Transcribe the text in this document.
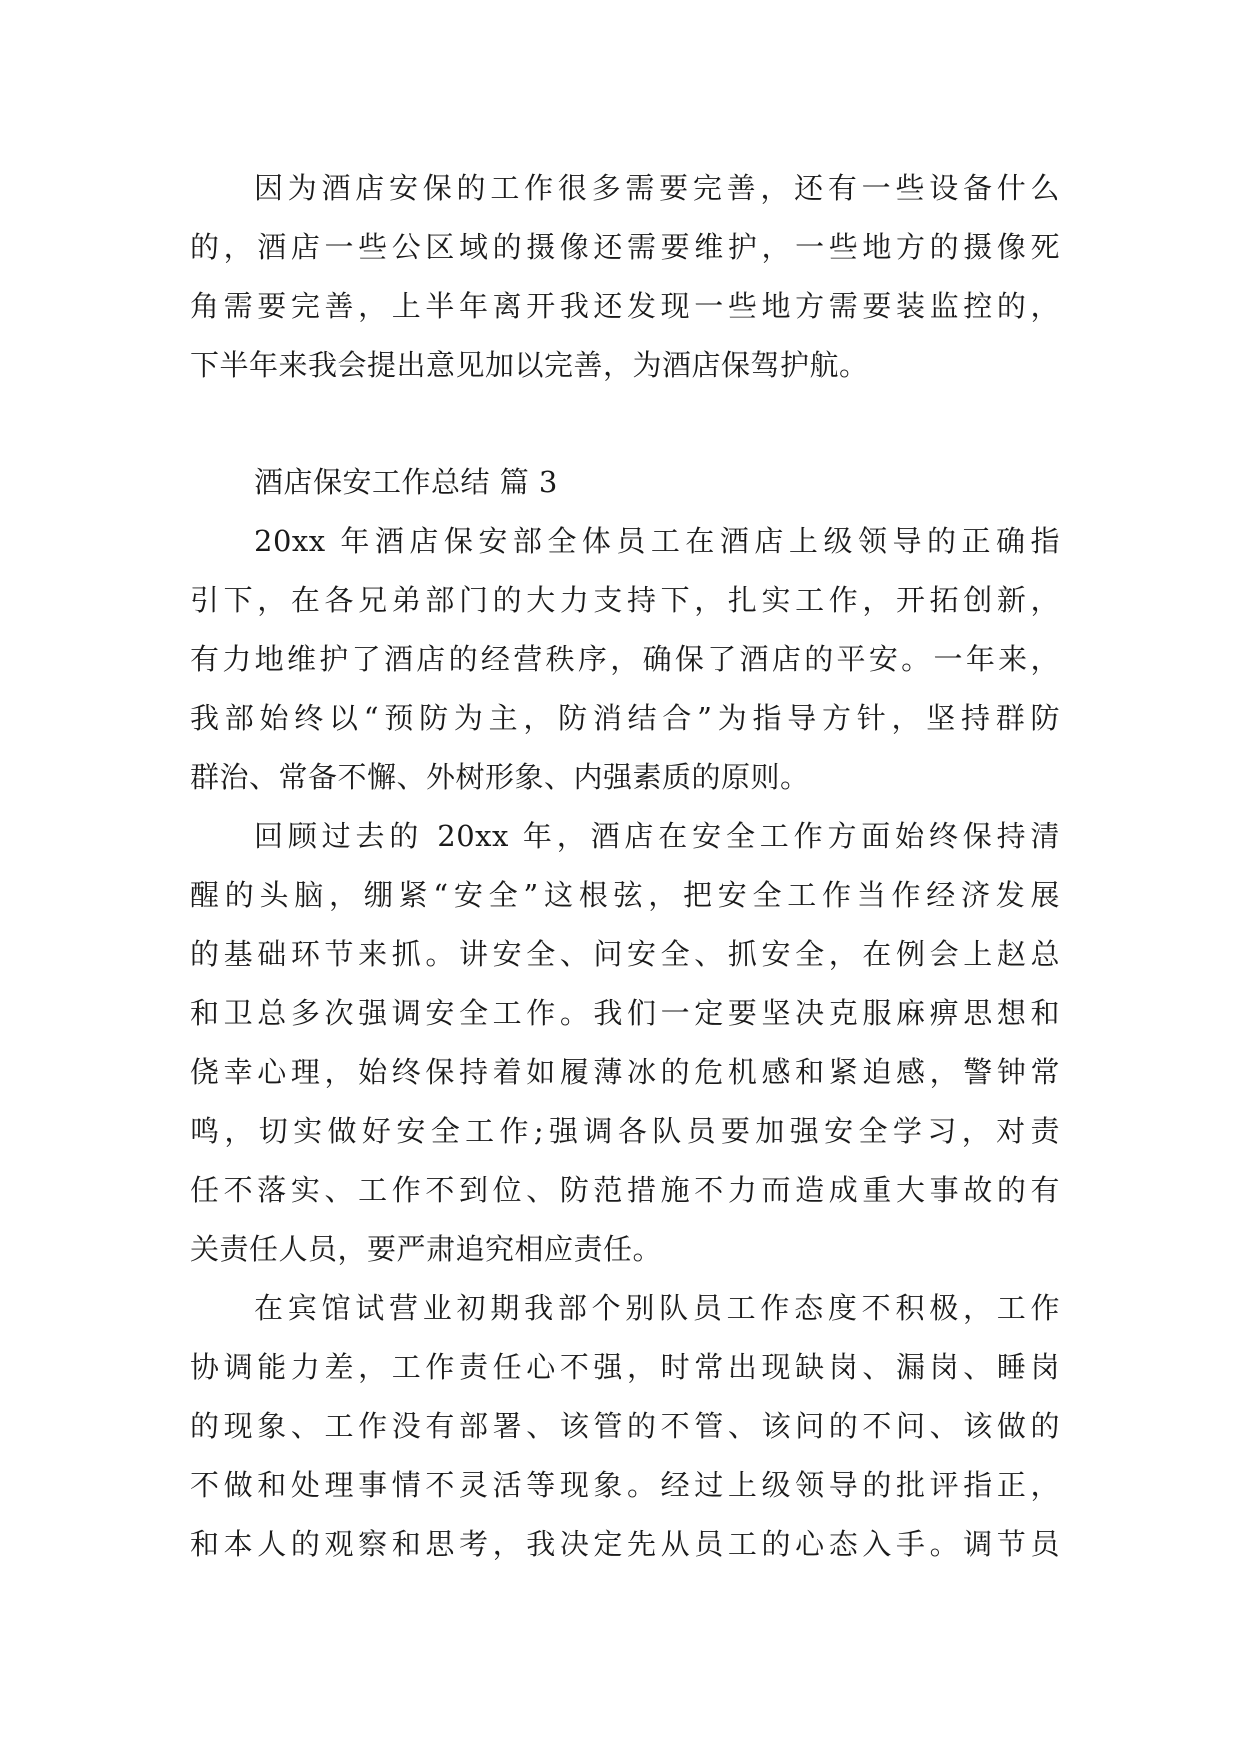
因为酒店安保的工作很多需要完善，还有一些设备什么
的，酒店一些公区域的摄像还需要维护，一些地方的摄像死
角需要完善，上半年离开我还发现一些地方需要装监控的，
下半年来我会提出意见加以完善，为酒店保驾护航。
酒店保安工作总结 篇 3
20xx 年酒店保安部全体员工在酒店上级领导的正确指
引下，在各兄弟部门的大力支持下，扎实工作，开拓创新，
有力地维护了酒店的经营秩序，确保了酒店的平安。一年来，
我部始终以“预防为主，防消结合”为指导方针，坚持群防
群治、常备不懈、外树形象、内强素质的原则。
回顾过去的 20xx 年，酒店在安全工作方面始终保持清
醒的头脑，绷紧“安全”这根弦，把安全工作当作经济发展
的基础环节来抓。讲安全、问安全、抓安全，在例会上赵总
和卫总多次强调安全工作。我们一定要坚决克服麻痹思想和
侥幸心理，始终保持着如履薄冰的危机感和紧迫感，警钟常
鸣，切实做好安全工作;强调各队员要加强安全学习，对责
任不落实、工作不到位、防范措施不力而造成重大事故的有
关责任人员，要严肃追究相应责任。
在宾馆试营业初期我部个别队员工作态度不积极，工作
协调能力差，工作责任心不强，时常出现缺岗、漏岗、睡岗
的现象、工作没有部署、该管的不管、该问的不问、该做的
不做和处理事情不灵活等现象。经过上级领导的批评指正，
和本人的观察和思考，我决定先从员工的心态入手。调节员
